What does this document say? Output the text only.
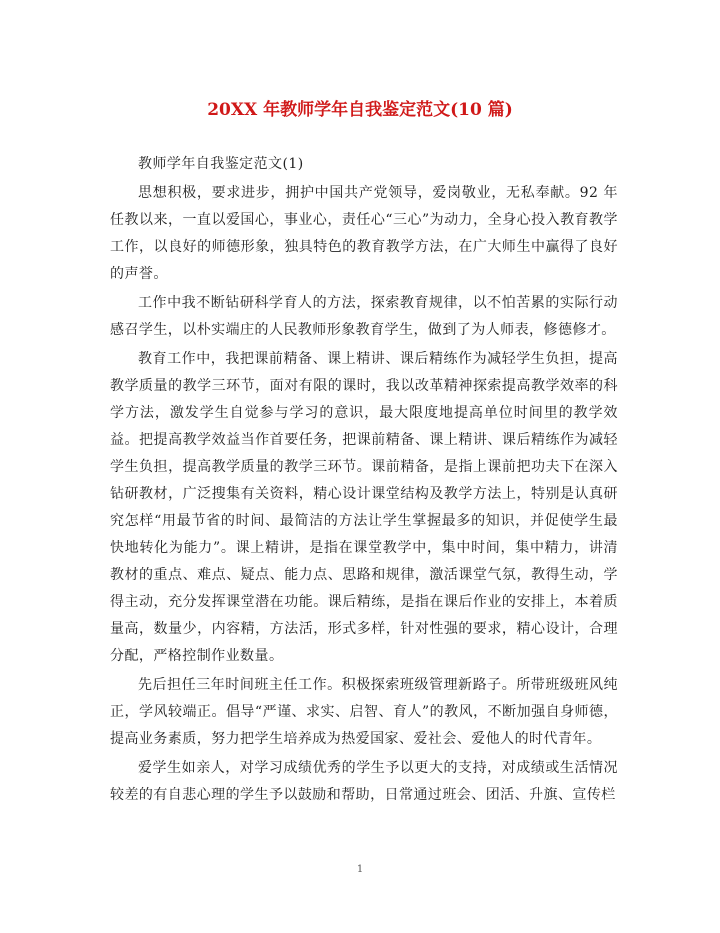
20XX 年教师学年自我鉴定范文(10 篇)

教师学年自我鉴定范文(1)

思想积极，要求进步，拥护中国共产党领导，爱岗敬业，无私奉献。92 年任教以来，一直以爱国心，事业心，责任心“三心”为动力，全身心投入教育教学工作，以良好的师德形象，独具特色的教育教学方法，在广大师生中赢得了良好的声誉。

工作中我不断钻研科学育人的方法，探索教育规律，以不怕苦累的实际行动感召学生，以朴实端庄的人民教师形象教育学生，做到了为人师表，修德修才。

教育工作中，我把课前精备、课上精讲、课后精练作为减轻学生负担，提高教学质量的教学三环节，面对有限的课时，我以改革精神探索提高教学效率的科学方法，激发学生自觉参与学习的意识，最大限度地提高单位时间里的教学效益。把提高教学效益当作首要任务，把课前精备、课上精讲、课后精练作为减轻学生负担，提高教学质量的教学三环节。课前精备，是指上课前把功夫下在深入钻研教材，广泛搜集有关资料，精心设计课堂结构及教学方法上，特别是认真研究怎样“用最节省的时间、最简洁的方法让学生掌握最多的知识，并促使学生最快地转化为能力”。课上精讲，是指在课堂教学中，集中时间，集中精力，讲清教材的重点、难点、疑点、能力点、思路和规律，激活课堂气氛，教得生动，学得主动，充分发挥课堂潜在功能。课后精练，是指在课后作业的安排上，本着质量高，数量少，内容精，方法活，形式多样，针对性强的要求，精心设计，合理分配，严格控制作业数量。

先后担任三年时间班主任工作。积极探索班级管理新路子。所带班级班风纯正，学风较端正。倡导“严谨、求实、启智、育人”的教风，不断加强自身师德，提高业务素质，努力把学生培养成为热爱国家、爱社会、爱他人的时代青年。

爱学生如亲人，对学习成绩优秀的学生予以更大的支持，对成绩或生活情况较差的有自悲心理的学生予以鼓励和帮助，日常通过班会、团活、升旗、宣传栏

1
